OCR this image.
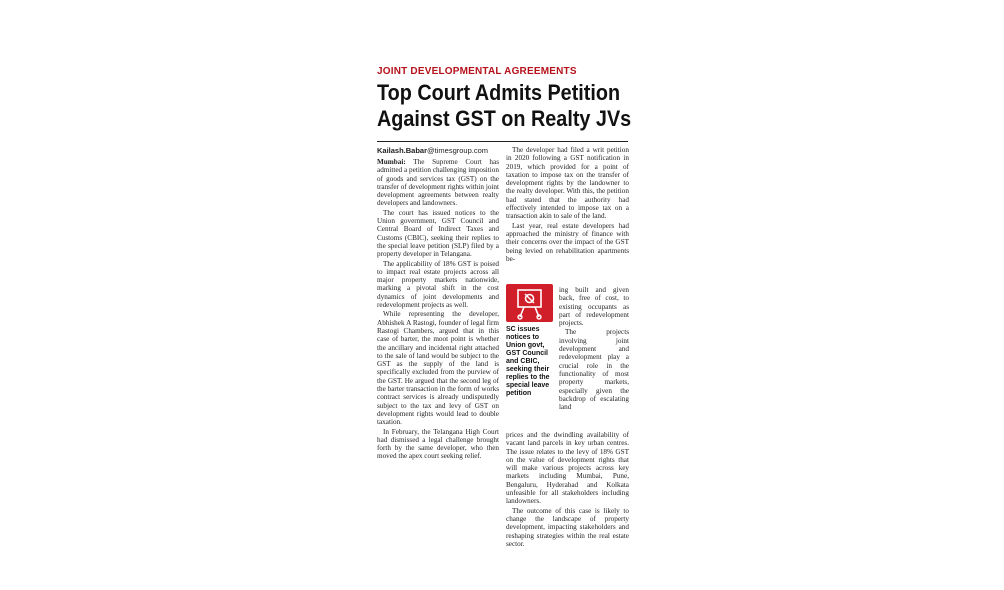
JOINT DEVELOPMENTAL AGREEMENTS
Top Court Admits Petition
Against GST on Realty JVs
Kailash.Babar@timesgroup.com

Mumbai: The Supreme Court has admitted a petition challenging imposition of goods and services tax (GST) on the transfer of development rights within joint development agreements between realty developers and landowners.

The court has issued notices to the Union government, GST Council and Central Board of Indirect Taxes and Customs (CBIC), seeking their replies to the special leave petition (SLP) filed by a property developer in Telangana.

The applicability of 18% GST is poised to impact real estate projects across all major property markets nationwide, marking a pivotal shift in the cost dynamics of joint developments and redevelopment projects as well.

While representing the developer, Abhishek A Rastogi, founder of legal firm Rastogi Chambers, argued that in this case of barter, the moot point is whether the ancillary and incidental right attached to the sale of land would be subject to the GST as the supply of the land is specifically excluded from the purview of the GST. He argued that the second leg of the barter transaction in the form of works contract services is already undisputedly subject to the tax and levy of GST on development rights would lead to double taxation.

In February, the Telangana High Court had dismissed a legal challenge brought forth by the same developer, who then moved the apex court seeking relief.

The developer had filed a writ petition in 2020 following a GST notification in 2019, which provided for a point of taxation to impose tax on the transfer of development rights by the landowner to the realty developer. With this, the petition had stated that the authority had effectively intended to impose tax on a transaction akin to sale of the land.

Last year, real estate developers had approached the ministry of finance with their concerns over the impact of the GST being levied on rehabilitation apartments be-

ing built and given back, free of cost, to existing occupants as part of redevelopment projects.

The projects involving joint development and redevelopment play a crucial role in the functionality of most property markets, especially given the backdrop of escalating land

SC issues notices to Union govt, GST Council and CBIC, seeking their replies to the special leave petition

prices and the dwindling availability of vacant land parcels in key urban centres. The issue relates to the levy of 18% GST on the value of development rights that will make various projects across key markets including Mumbai, Pune, Bengaluru, Hyderabad and Kolkata unfeasible for all stakeholders including landowners.

The outcome of this case is likely to change the landscape of property development, impacting stakeholders and reshaping strategies within the real estate sector.
